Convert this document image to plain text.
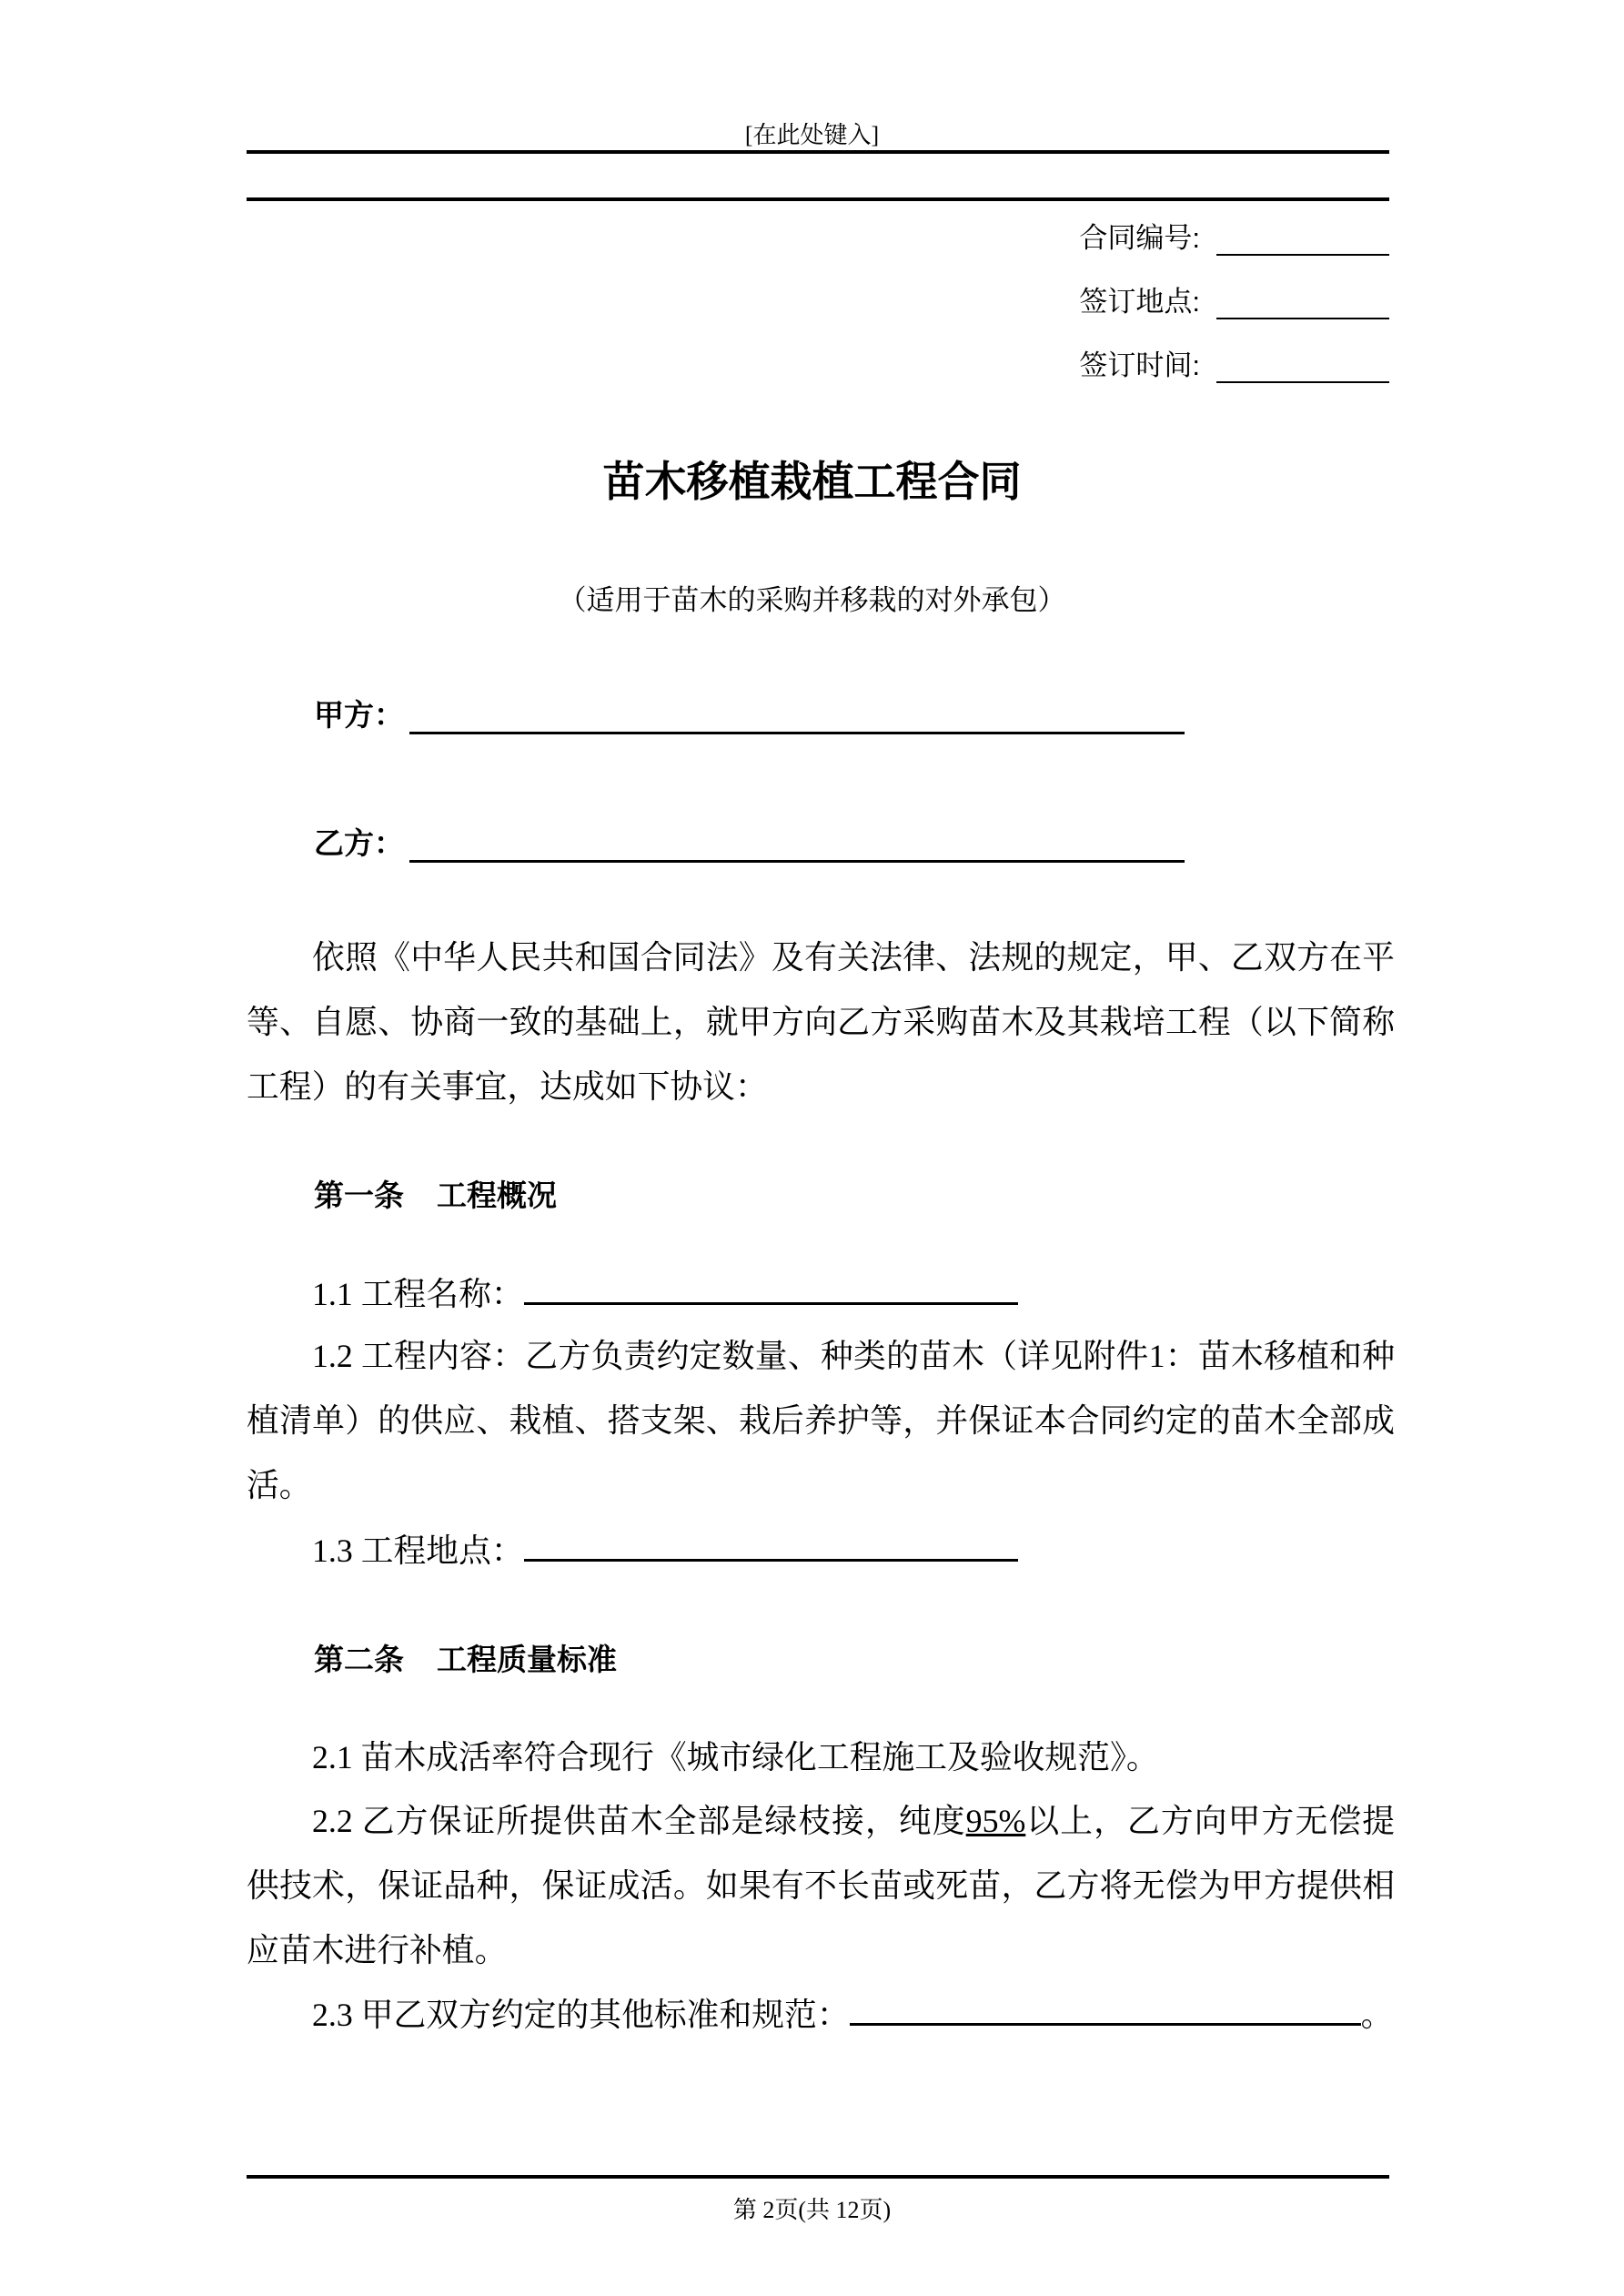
[在此处键入]
合同编号:
签订地点:
签订时间:
苗木移植栽植工程合同
（适用于苗木的采购并移栽的对外承包）
甲方：
乙方：
依照《中华人民共和国合同法》及有关法律、法规的规定，甲、乙双方在平等、自愿、协商一致的基础上，就甲方向乙方采购苗木及其栽培工程（以下简称工程）的有关事宜，达成如下协议：
第一条 工程概况
1.1 工程名称：
1.2 工程内容：乙方负责约定数量、种类的苗木（详见附件1：苗木移植和种植清单）的供应、栽植、搭支架、栽后养护等，并保证本合同约定的苗木全部成活。
1.3 工程地点：
第二条 工程质量标准
2.1 苗木成活率符合现行《城市绿化工程施工及验收规范》。
2.2 乙方保证所提供苗木全部是绿枝接，纯度95%以上，乙方向甲方无偿提供技术，保证品种，保证成活。如果有不长苗或死苗，乙方将无偿为甲方提供相应苗木进行补植。
2.3 甲乙双方约定的其他标准和规范：	。
第 2页(共 12页)
